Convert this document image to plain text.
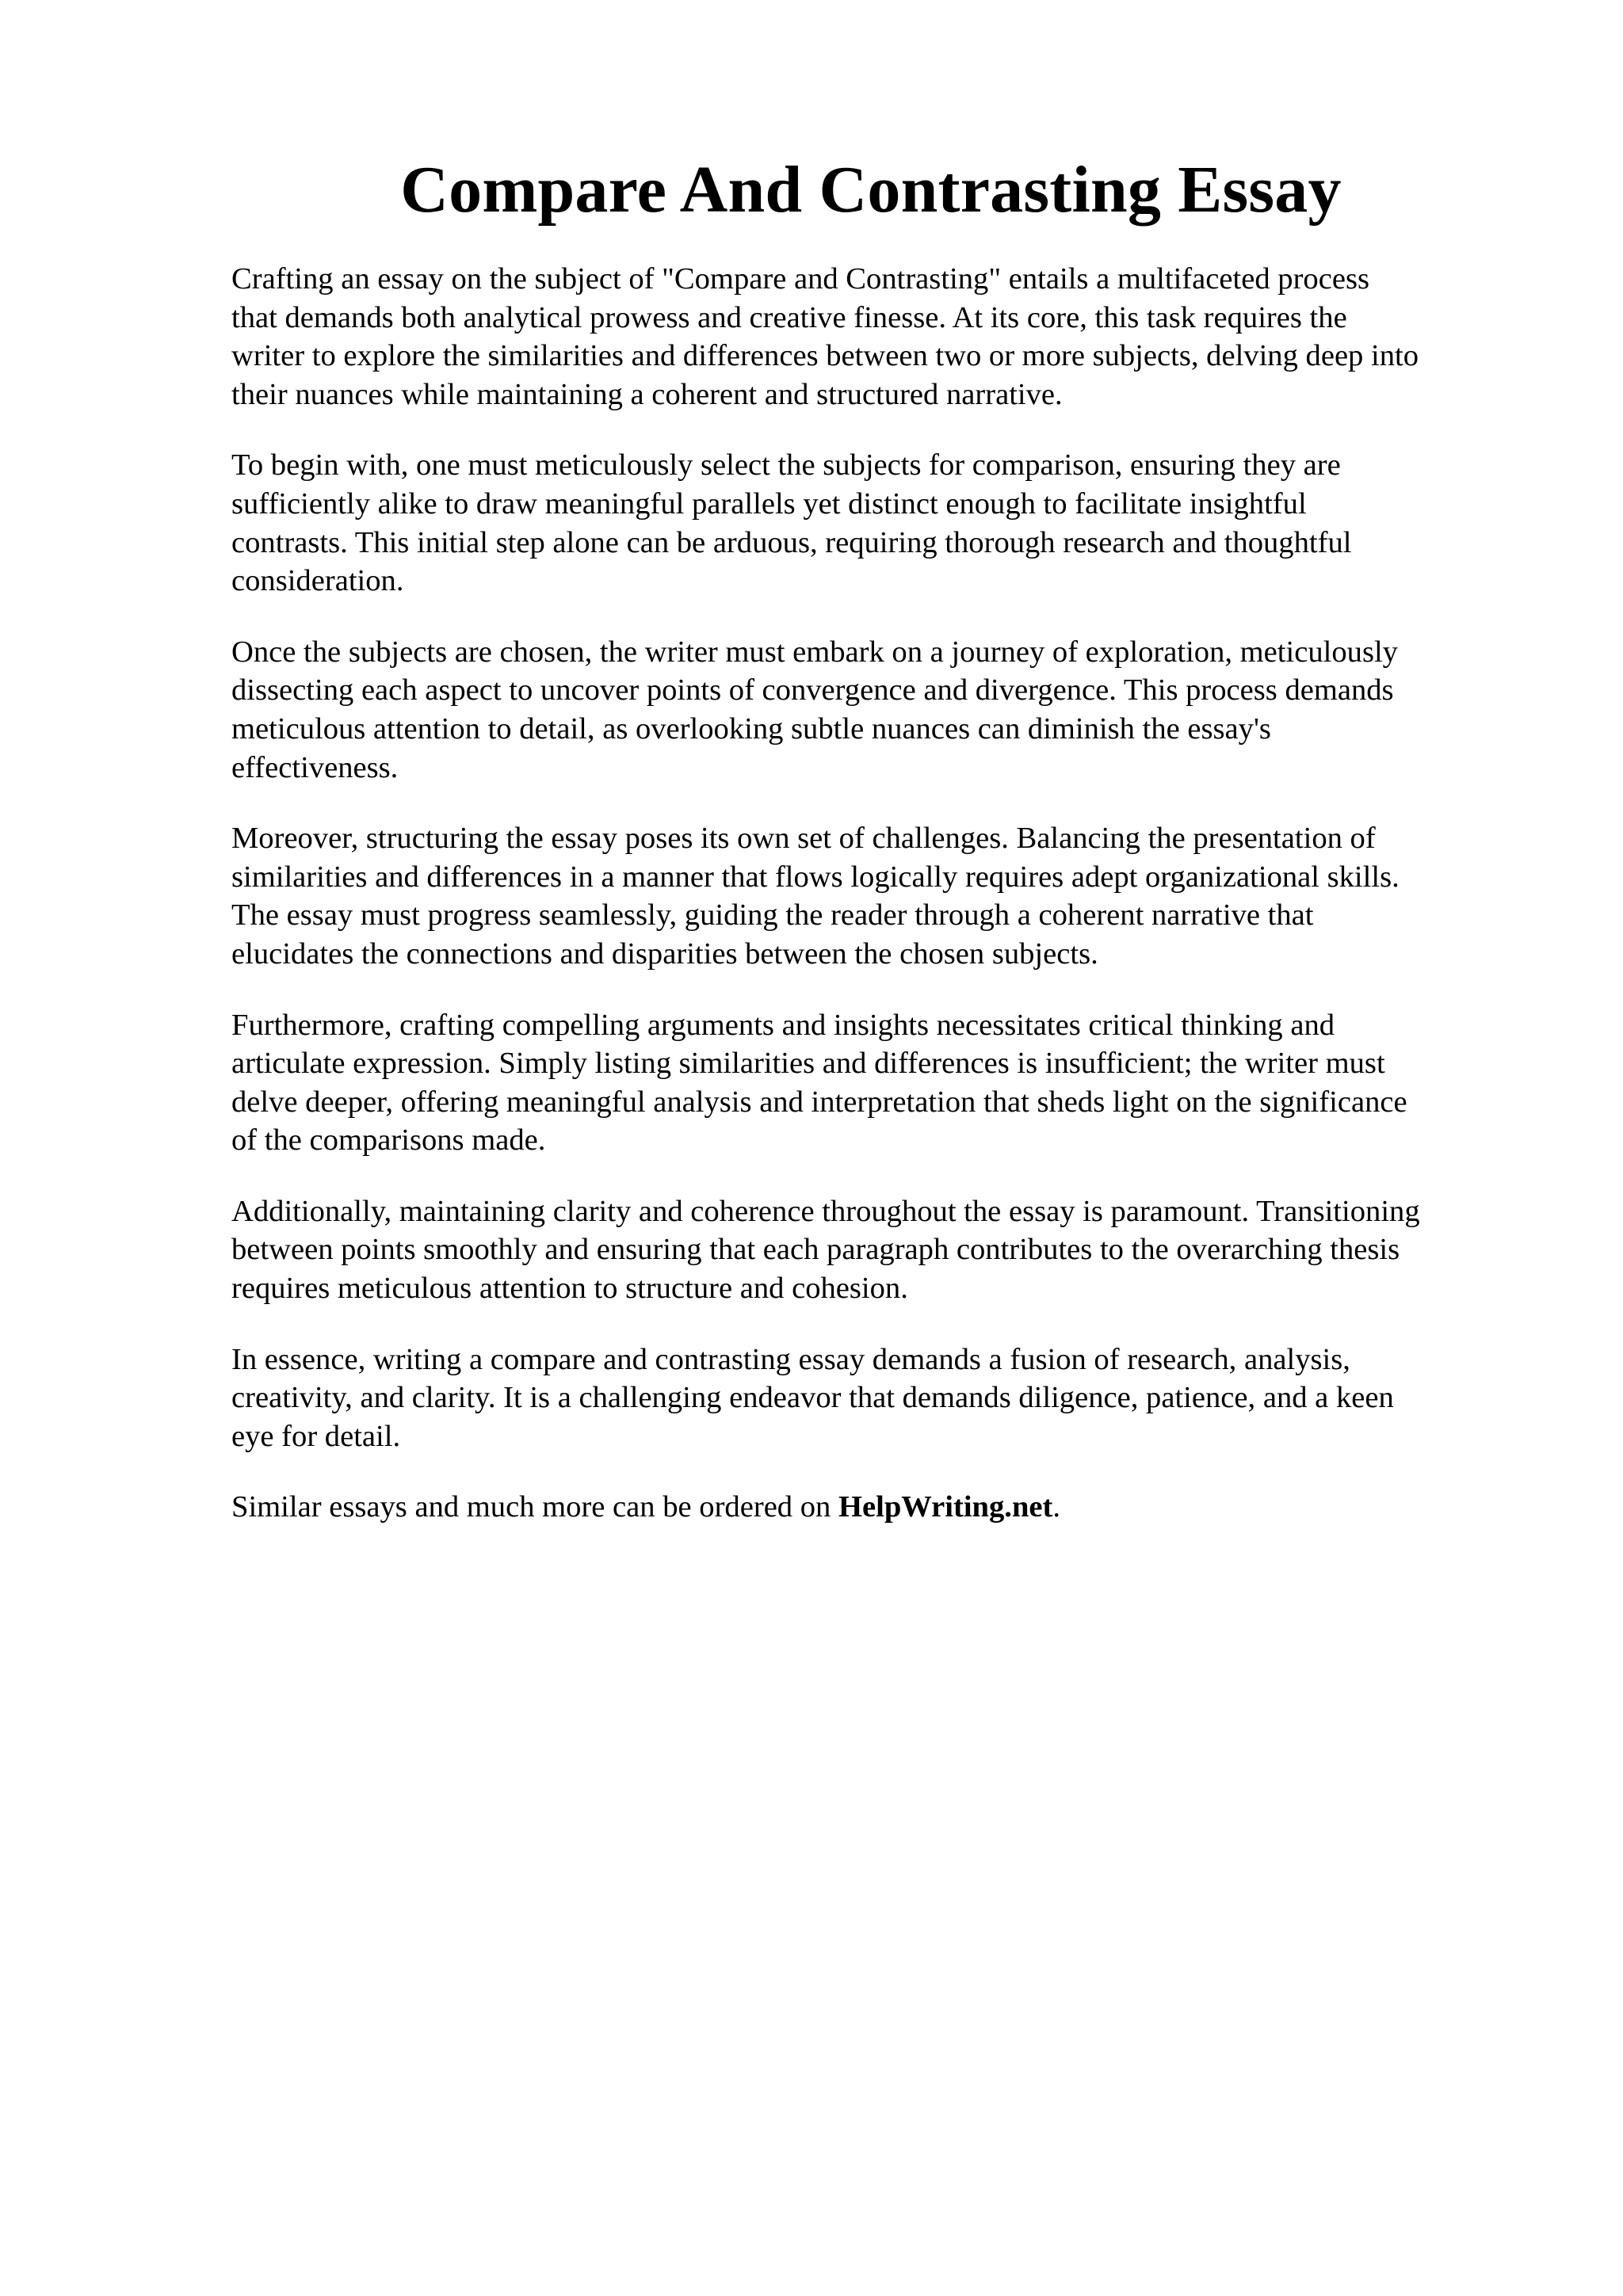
Compare And Contrasting Essay

Crafting an essay on the subject of "Compare and Contrasting" entails a multifaceted process
that demands both analytical prowess and creative finesse. At its core, this task requires the
writer to explore the similarities and differences between two or more subjects, delving deep into
their nuances while maintaining a coherent and structured narrative.

To begin with, one must meticulously select the subjects for comparison, ensuring they are
sufficiently alike to draw meaningful parallels yet distinct enough to facilitate insightful
contrasts. This initial step alone can be arduous, requiring thorough research and thoughtful
consideration.

Once the subjects are chosen, the writer must embark on a journey of exploration, meticulously
dissecting each aspect to uncover points of convergence and divergence. This process demands
meticulous attention to detail, as overlooking subtle nuances can diminish the essay's
effectiveness.

Moreover, structuring the essay poses its own set of challenges. Balancing the presentation of
similarities and differences in a manner that flows logically requires adept organizational skills.
The essay must progress seamlessly, guiding the reader through a coherent narrative that
elucidates the connections and disparities between the chosen subjects.

Furthermore, crafting compelling arguments and insights necessitates critical thinking and
articulate expression. Simply listing similarities and differences is insufficient; the writer must
delve deeper, offering meaningful analysis and interpretation that sheds light on the significance
of the comparisons made.

Additionally, maintaining clarity and coherence throughout the essay is paramount. Transitioning
between points smoothly and ensuring that each paragraph contributes to the overarching thesis
requires meticulous attention to structure and cohesion.

In essence, writing a compare and contrasting essay demands a fusion of research, analysis,
creativity, and clarity. It is a challenging endeavor that demands diligence, patience, and a keen
eye for detail.

Similar essays and much more can be ordered on HelpWriting.net.
